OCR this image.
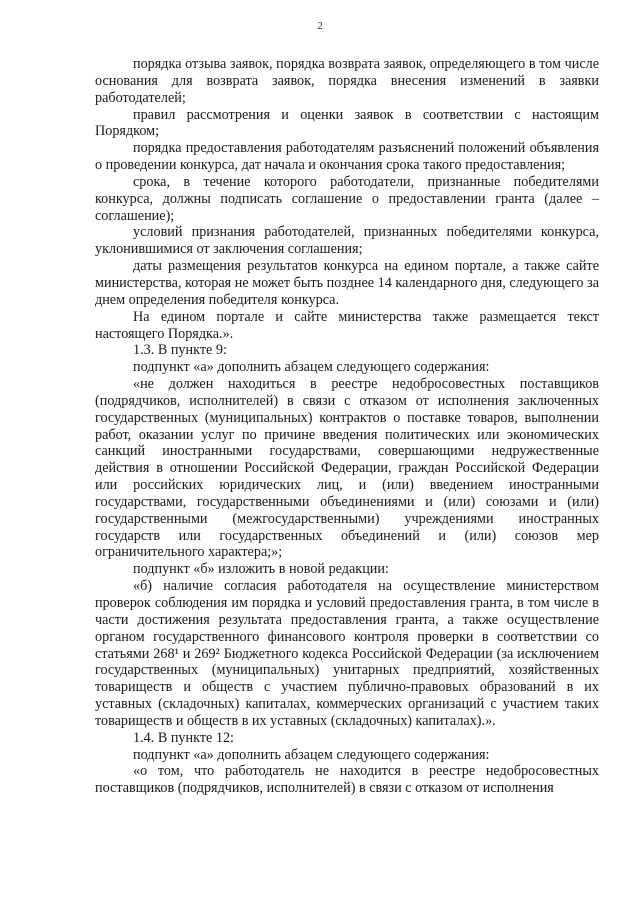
2

порядка отзыва заявок, порядка возврата заявок, определяющего в том числе основания для возврата заявок, порядка внесения изменений в заявки работодателей;

правил рассмотрения и оценки заявок в соответствии с настоящим Порядком;

порядка предоставления работодателям разъяснений положений объявления о проведении конкурса, дат начала и окончания срока такого предоставления;

срока, в течение которого работодатели, признанные победителями конкурса, должны подписать соглашение о предоставлении гранта (далее – соглашение);

условий признания работодателей, признанных победителями конкурса, уклонившимися от заключения соглашения;

даты размещения результатов конкурса на едином портале, а также сайте министерства, которая не может быть позднее 14 календарного дня, следующего за днем определения победителя конкурса.

На едином портале и сайте министерства также размещается текст настоящего Порядка.».

1.3. В пункте 9:

подпункт «а» дополнить абзацем следующего содержания:

«не должен находиться в реестре недобросовестных поставщиков (подрядчиков, исполнителей) в связи с отказом от исполнения заключенных государственных (муниципальных) контрактов о поставке товаров, выполнении работ, оказании услуг по причине введения политических или экономических санкций иностранными государствами, совершающими недружественные действия в отношении Российской Федерации, граждан Российской Федерации или российских юридических лиц, и (или) введением иностранными государствами, государственными объединениями и (или) союзами и (или) государственными (межгосударственными) учреждениями иностранных государств или государственных объединений и (или) союзов мер ограничительного характера;»;

подпункт «б» изложить в новой редакции:

«б) наличие согласия работодателя на осуществление министерством проверок соблюдения им порядка и условий предоставления гранта, в том числе в части достижения результата предоставления гранта, а также осуществление органом государственного финансового контроля проверки в соответствии со статьями 268¹ и 269² Бюджетного кодекса Российской Федерации (за исключением государственных (муниципальных) унитарных предприятий, хозяйственных товариществ и обществ с участием публично-правовых образований в их уставных (складочных) капиталах, коммерческих организаций с участием таких товариществ и обществ в их уставных (складочных) капиталах).».

1.4. В пункте 12:

подпункт «а» дополнить абзацем следующего содержания:

«о том, что работодатель не находится в реестре недобросовестных поставщиков (подрядчиков, исполнителей) в связи с отказом от исполнения
